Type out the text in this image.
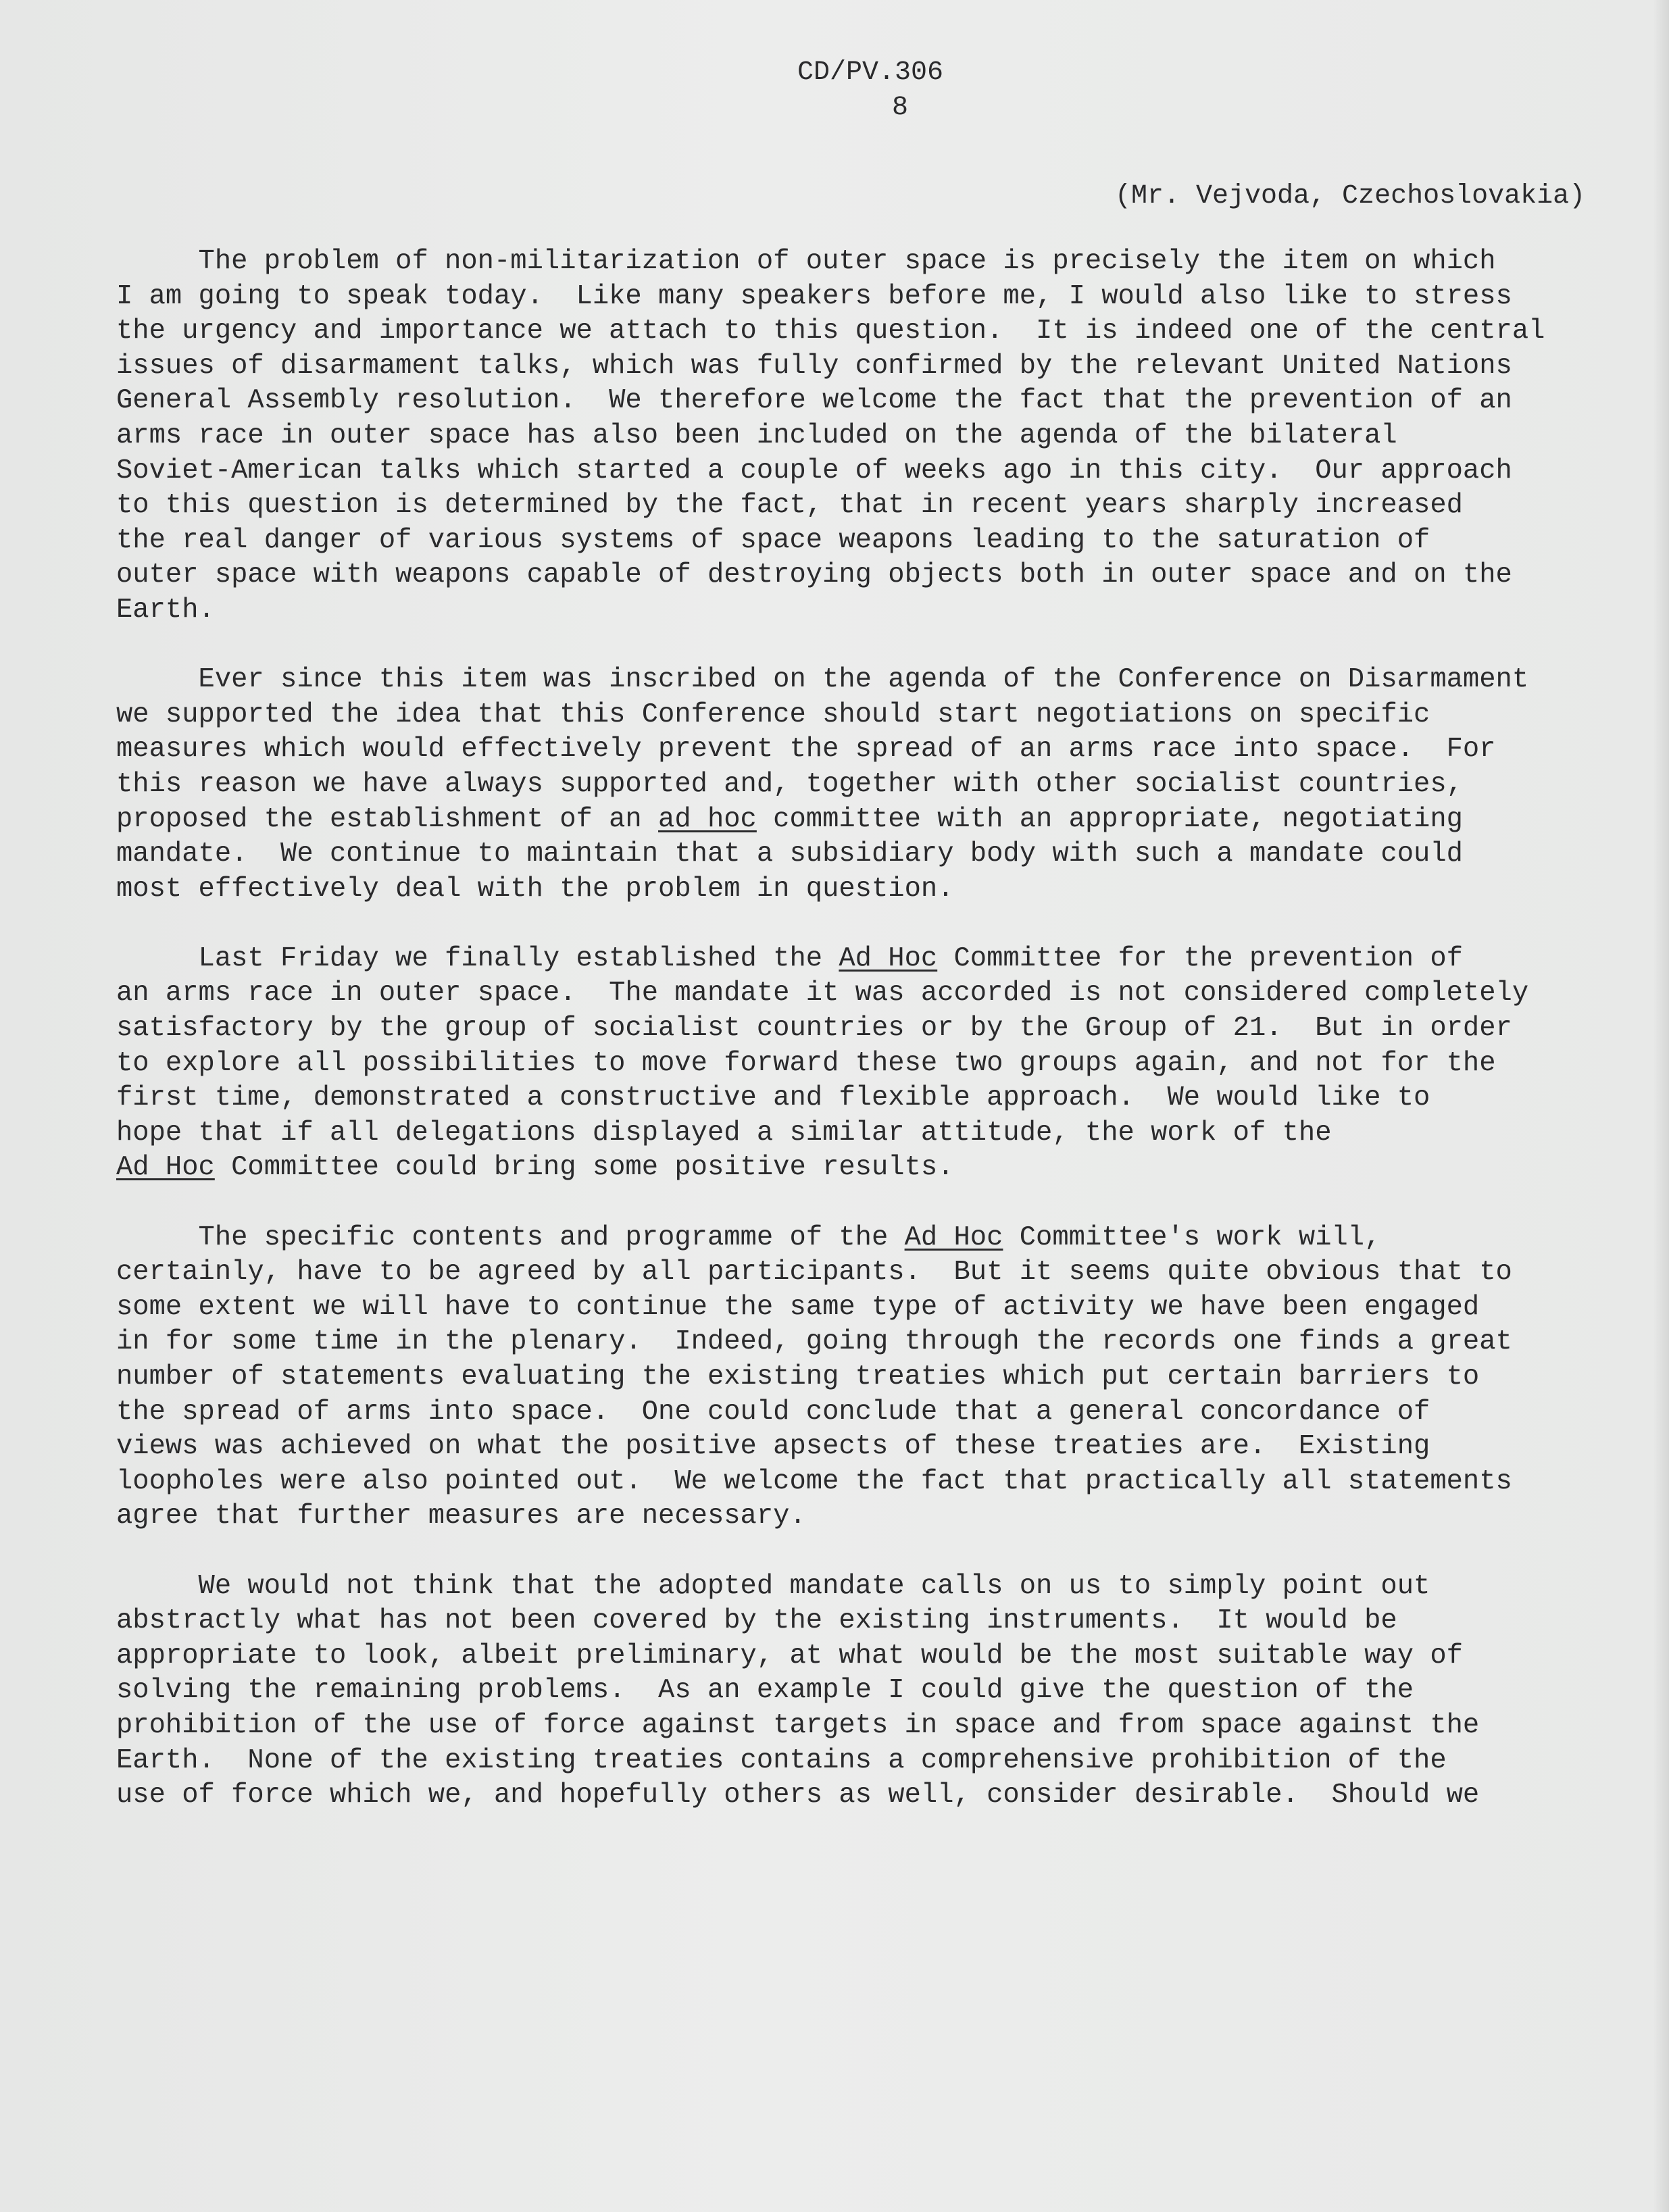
CD/PV.306
8
(Mr. Vejvoda, Czechoslovakia)
The problem of non-militarization of outer space is precisely the item on which
I am going to speak today.  Like many speakers before me, I would also like to stress
the urgency and importance we attach to this question.  It is indeed one of the central
issues of disarmament talks, which was fully confirmed by the relevant United Nations
General Assembly resolution.  We therefore welcome the fact that the prevention of an
arms race in outer space has also been included on the agenda of the bilateral
Soviet-American talks which started a couple of weeks ago in this city.  Our approach
to this question is determined by the fact, that in recent years sharply increased
the real danger of various systems of space weapons leading to the saturation of
outer space with weapons capable of destroying objects both in outer space and on the
Earth.
Ever since this item was inscribed on the agenda of the Conference on Disarmament
we supported the idea that this Conference should start negotiations on specific
measures which would effectively prevent the spread of an arms race into space.  For
this reason we have always supported and, together with other socialist countries,
proposed the establishment of an ad hoc committee with an appropriate, negotiating
mandate.  We continue to maintain that a subsidiary body with such a mandate could
most effectively deal with the problem in question.
Last Friday we finally established the Ad Hoc Committee for the prevention of
an arms race in outer space.  The mandate it was accorded is not considered completely
satisfactory by the group of socialist countries or by the Group of 21.  But in order
to explore all possibilities to move forward these two groups again, and not for the
first time, demonstrated a constructive and flexible approach.  We would like to
hope that if all delegations displayed a similar attitude, the work of the
Ad Hoc Committee could bring some positive results.
The specific contents and programme of the Ad Hoc Committee's work will,
certainly, have to be agreed by all participants.  But it seems quite obvious that to
some extent we will have to continue the same type of activity we have been engaged
in for some time in the plenary.  Indeed, going through the records one finds a great
number of statements evaluating the existing treaties which put certain barriers to
the spread of arms into space.  One could conclude that a general concordance of
views was achieved on what the positive apsects of these treaties are.  Existing
loopholes were also pointed out.  We welcome the fact that practically all statements
agree that further measures are necessary.
We would not think that the adopted mandate calls on us to simply point out
abstractly what has not been covered by the existing instruments.  It would be
appropriate to look, albeit preliminary, at what would be the most suitable way of
solving the remaining problems.  As an example I could give the question of the
prohibition of the use of force against targets in space and from space against the
Earth.  None of the existing treaties contains a comprehensive prohibition of the
use of force which we, and hopefully others as well, consider desirable.  Should we
